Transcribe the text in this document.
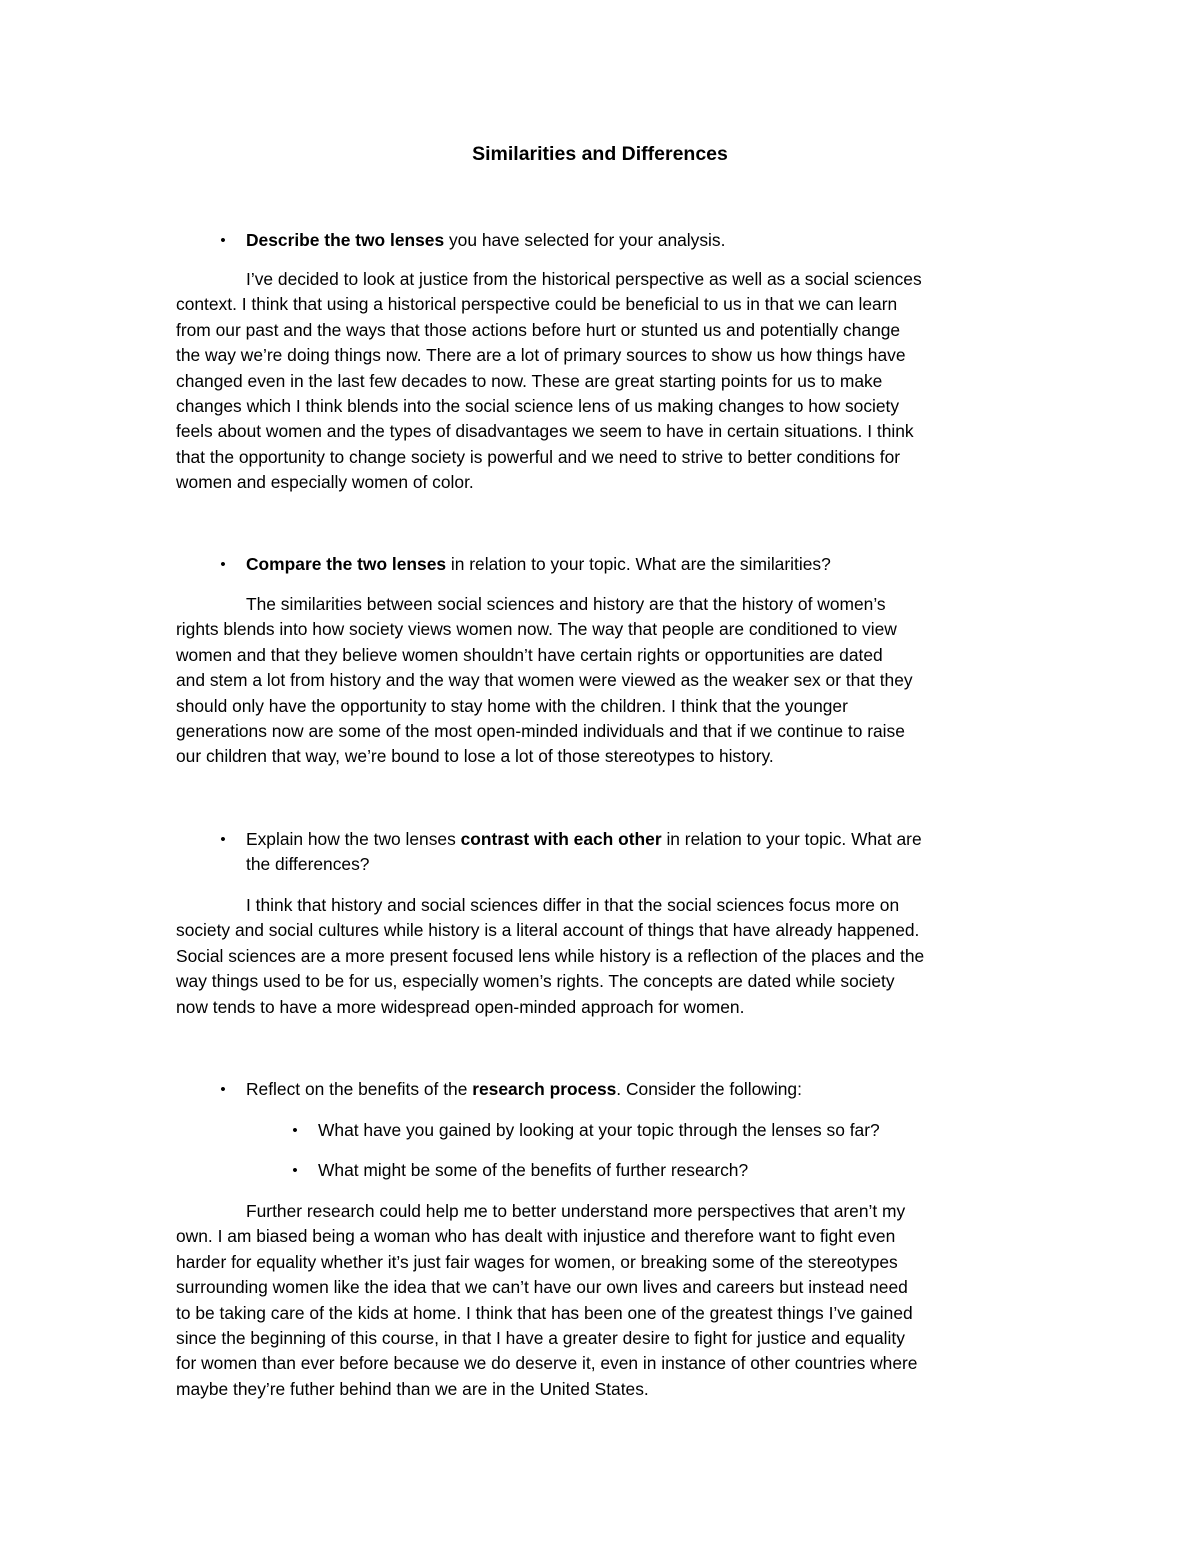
Similarities and Differences
•	Describe the two lenses you have selected for your analysis.
I’ve decided to look at justice from the historical perspective as well as a social sciences
context. I think that using a historical perspective could be beneficial to us in that we can learn
from our past and the ways that those actions before hurt or stunted us and potentially change
the way we’re doing things now. There are a lot of primary sources to show us how things have
changed even in the last few decades to now. These are great starting points for us to make
changes which I think blends into the social science lens of us making changes to how society
feels about women and the types of disadvantages we seem to have in certain situations. I think
that the opportunity to change society is powerful and we need to strive to better conditions for
women and especially women of color.
•	Compare the two lenses in relation to your topic. What are the similarities?
The similarities between social sciences and history are that the history of women’s
rights blends into how society views women now. The way that people are conditioned to view
women and that they believe women shouldn’t have certain rights or opportunities are dated
and stem a lot from history and the way that women were viewed as the weaker sex or that they
should only have the opportunity to stay home with the children. I think that the younger
generations now are some of the most open-minded individuals and that if we continue to raise
our children that way, we’re bound to lose a lot of those stereotypes to history.
•	Explain how the two lenses contrast with each other in relation to your topic. What are
the differences?
I think that history and social sciences differ in that the social sciences focus more on
society and social cultures while history is a literal account of things that have already happened.
Social sciences are a more present focused lens while history is a reflection of the places and the
way things used to be for us, especially women’s rights. The concepts are dated while society
now tends to have a more widespread open-minded approach for women.
•	Reflect on the benefits of the research process. Consider the following:
•	What have you gained by looking at your topic through the lenses so far?
•	What might be some of the benefits of further research?
Further research could help me to better understand more perspectives that aren’t my
own. I am biased being a woman who has dealt with injustice and therefore want to fight even
harder for equality whether it’s just fair wages for women, or breaking some of the stereotypes
surrounding women like the idea that we can’t have our own lives and careers but instead need
to be taking care of the kids at home. I think that has been one of the greatest things I’ve gained
since the beginning of this course, in that I have a greater desire to fight for justice and equality
for women than ever before because we do deserve it, even in instance of other countries where
maybe they’re futher behind than we are in the United States.
